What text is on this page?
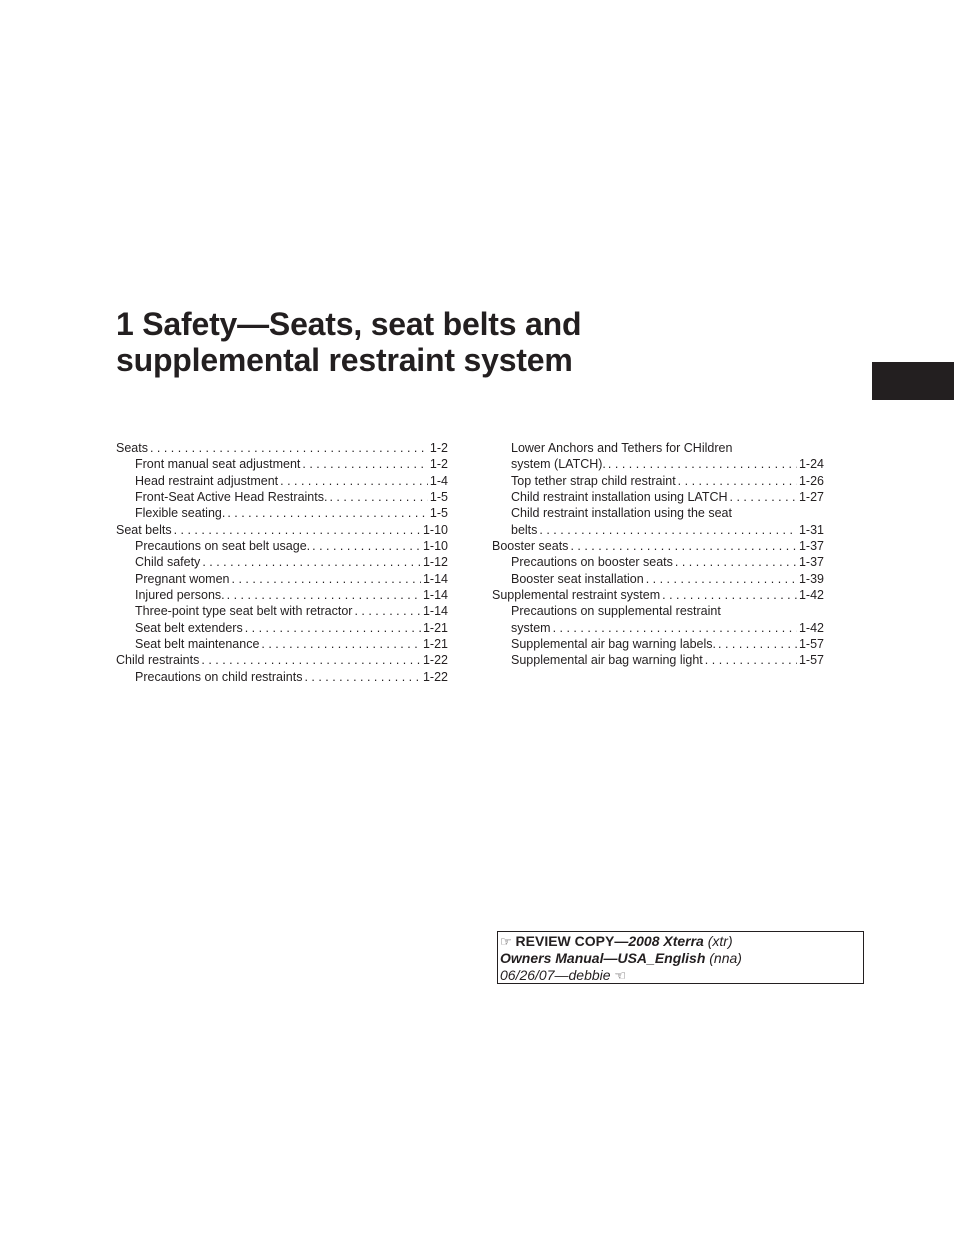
1 Safety—Seats, seat belts and
supplemental restraint system
Seats . . .	1-2
Front manual seat adjustment . . .	1-2
Head restraint adjustment . . .	1-4
Front-Seat Active Head Restraints. . . .	1-5
Flexible seating. . . .	1-5
Seat belts . . .	1-10
Precautions on seat belt usage. . . .	1-10
Child safety . . .	1-12
Pregnant women . . .	1-14
Injured persons. . . .	1-14
Three-point type seat belt with retractor . . .	1-14
Seat belt extenders . . .	1-21
Seat belt maintenance . . .	1-21
Child restraints . . .	1-22
Precautions on child restraints . . .	1-22
Lower Anchors and Tethers for CHildren
system (LATCH). . . .	1-24
Top tether strap child restraint . . .	1-26
Child restraint installation using LATCH . . .	1-27
Child restraint installation using the seat
belts . . .	1-31
Booster seats . . .	1-37
Precautions on booster seats . . .	1-37
Booster seat installation . . .	1-39
Supplemental restraint system . . .	1-42
Precautions on supplemental restraint
system . . .	1-42
Supplemental air bag warning labels. . . .	1-57
Supplemental air bag warning light . . .	1-57
☞ REVIEW COPY—2008 Xterra (xtr)
Owners Manual—USA_English (nna)
06/26/07—debbie ☜
